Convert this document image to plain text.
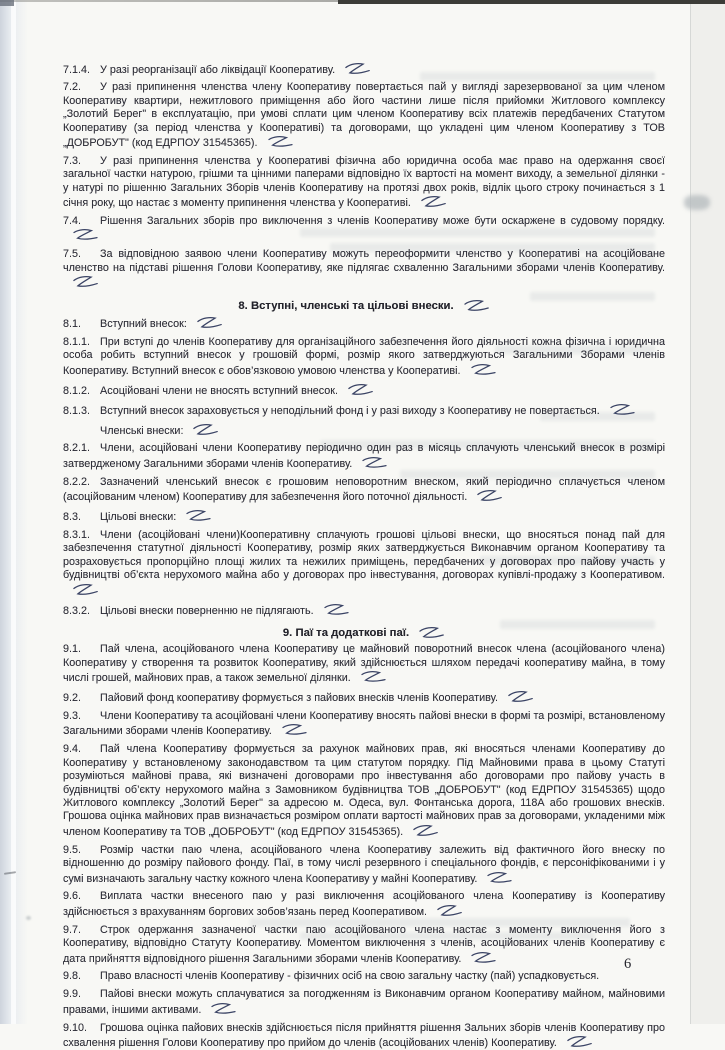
7.1.4. У разі реорганізації або ліквідації Кооперативу.

7.2. У разі припинення членства члену Кооперативу повертається пай у вигляді зарезервованої за цим членом Кооперативу квартири, нежитлового приміщення або його частини лише після прийомки Житлового комплексу „Золотий Берег" в експлуатацію, при умові сплати цим членом Кооперативу всіх платежів передбачених Статутом Кооперативу (за період членства у Кооперативі) та договорами, що укладені цим членом Кооперативу з ТОВ „ДОБРОБУТ" (код ЕДРПОУ 31545365).

7.3. У разі припинення членства у Кооперативі фізична або юридична особа має право на одержання своєї загальної частки натурою, грішми та цінними паперами відповідно їх вартості на момент виходу, а земельної ділянки - у натурі по рішенню Загальних Зборів членів Кооперативу на протязі двох років, відлік цього строку починається з 1 січня року, що настає з моменту припинення членства у Кооперативі.

7.4. Рішення Загальних зборів про виключення з членів Кооперативу може бути оскаржене в судовому порядку.

7.5. За відповідною заявою члени Кооперативу можуть переоформити членство у Кооперативі на асоційоване членство на підставі рішення Голови Кооперативу, яке підлягає схваленню Загальними зборами членів Кооперативу.

8. Вступні, членські та цільові внески.

8.1. Вступний внесок:

8.1.1. При вступі до членів Кооперативу для організаційного забезпечення його діяльності кожна фізична і юридична особа робить вступний внесок у грошовій формі, розмір якого затверджуються Загальними Зборами членів Кооперативу. Вступний внесок є обов’язковою умовою членства у Кооперативі.

8.1.2. Асоційовані члени не вносять вступний внесок.

8.1.3. Вступний внесок зараховується у неподільний фонд і у разі виходу з Кооперативу не повертається.

Членські внески:

8.2.1. Члени, асоційовані члени Кооперативу періодично один раз в місяць сплачують членський внесок в розмірі затвердженому Загальними зборами членів Кооперативу.

8.2.2. Зазначений членський внесок є грошовим неповоротним внеском, який періодично сплачується членом (асоційованим членом) Кооперативу для забезпечення його поточної діяльності.

8.3. Цільові внески:

8.3.1. Члени (асоційовані члени)Кооперативну сплачують грошові цільові внески, що вносяться понад пай для забезпечення статутної діяльності Кооперативу, розмір яких затверджується Виконавчим органом Кооперативу та розраховується пропорційно площі жилих та нежилих приміщень, передбачених у договорах про пайову участь у будівництві об’єкта нерухомого майна або у договорах про інвестування, договорах купівлі-продажу з Кооперативом.

8.3.2. Цільові внески поверненню не підлягають.

9. Паї та додаткові паї.

9.1. Пай члена, асоційованого члена Кооперативу це майновий поворотний внесок члена (асоційованого члена) Кооперативу у створення та розвиток Кооперативу, який здійснюється шляхом передачі кооперативу майна, в тому числі грошей, майнових прав, а також земельної ділянки.

9.2. Пайовий фонд кооперативу формується з пайових внесків членів Кооперативу.

9.3. Члени Кооперативу та асоційовані члени Кооперативу вносять пайові внески в формі та розмірі, встановленому Загальними зборами членів Кооперативу.

9.4. Пай члена Кооперативу формується за рахунок майнових прав, які вносяться членами Кооперативу до Кооперативу у встановленому законодавством та цим статутом порядку. Під Майновими права в цьому Статуті розуміються майнові права, які визначені договорами про інвестування або договорами про пайову участь в будівництві об’єкту нерухомого майна з Замовником будівництва ТОВ „ДОБРОБУТ" (код ЕДРПОУ 31545365) щодо Житлового комплексу „Золотий Берег" за адресою м. Одеса, вул. Фонтанська дорога, 118А або грошових внесків. Грошова оцінка майнових прав визначається розміром оплати вартості майнових прав за договорами, укладеними між членом Кооперативу та ТОВ „ДОБРОБУТ" (код ЕДРПОУ 31545365).

9.5. Розмір частки паю члена, асоційованого члена Кооперативу залежить від фактичного його внеску по відношенню до розміру пайового фонду. Паї, в тому числі резервного і спеціального фондів, є персоніфікованими і у сумі визначають загальну частку кожного члена Кооперативу у майні Кооперативу.

9.6. Виплата частки внесеного паю у разі виключення асоційованого члена Кооперативу із Кооперативу здійснюється з врахуванням боргових зобов’язань перед Кооперативом.

9.7. Строк одержання зазначеної частки паю асоційованого члена настає з моменту виключення його з Кооперативу, відповідно Статуту Кооперативу. Моментом виключення з членів, асоційованих членів Кооперативу є дата прийняття відповідного рішення Загальними зборами членів Кооперативу.

9.8. Право власності членів Кооперативу - фізичних осіб на свою загальну частку (пай) успадковується.

9.9. Пайові внески можуть сплачуватися за погодженням із Виконавчим органом Кооперативу майном, майновими правами, іншими активами.

9.10. Грошова оцінка пайових внесків здійснюється після прийняття рішення Зальних зборів членів Кооперативу про схвалення рішення Голови Кооперативу про прийом до членів (асоційованих членів) Кооперативу.

6
